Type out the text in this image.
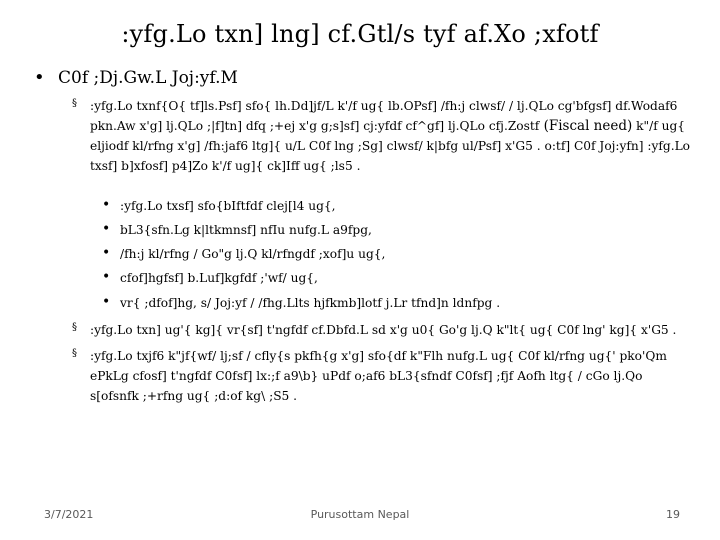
:yfg.Lo txn] lng] cf.Gtl/s tyf af.Xo ;xfotf
• C0f ;Dj.Gw.L Joj:yf.M
§ :yfg.Lo txnf{O{ tf]ls.Psf] sfo{ lh.Dd]jf/L k'/f ug{ lb.OPsf] /fh:j clwsf/ / lj.QLo cg'bfgsf] df.Wodaf6 pkn.Aw x'g] lj.QLo ;|f]tn] dfq ;+ej x'g g;s]sf] cj:yfdf cf^gf] lj.QLo cfj.Zostf (Fiscal need) k"/f ug{ eljiodf kl/rfng x'g] /fh:jaf6 ltg]{ u/L C0f lng ;Sg] clwsf/ k|bfg ul/Psf] x'G5 . o:tf] C0f Joj:yfn] :yfg.Lo txsf] b]xfosf] p4]Zo k'/f ug]{ ck]Iff ug{ ;ls5 .
• :yfg.Lo txsf] sfo{bIftfdf clej[l4 ug{,
• bL3{sfn.Lg k|ltkmnsf] nfIu nufg.L a9fpg,
• /fh:j kl/rfng / Go"g lj.Q kl/rfngdf ;xof]u ug{,
• cfof]hgfsf] b.Luf]kgfdf ;'wf/ ug{,
• vr{ ;dfof]hg, s/ Joj:yf / /fhg.Llts hjfkmb]lotf j.Lr tfnd]n ldnfpg .
§ :yfg.Lo txn] ug'{ kg]{ vr{sf] t'ngfdf cf.Dbfd.L sd x'g u0{ Go'g lj.Q k"lt{ ug{ C0f lng' kg]{ x'G5 .
§ :yfg.Lo txjf6 k"jf{wf/ lj;sf / cfly{s pkfh{g x'g] sfo{df k"Flh nufg.L ug{ C0f kl/rfng ug{' pko'Qm ePkLg cfosf] t'ngfdf C0fsf] lx:;f a9\b} uPdf o;af6 bL3{sfndf C0fsf] ;fjf Aofh ltg{ / cGo lj.Qo s[ofsnfk ;+rfng ug{ ;d:of kg\ ;S5 .
3/7/2021	Purusottam Nepal	19
